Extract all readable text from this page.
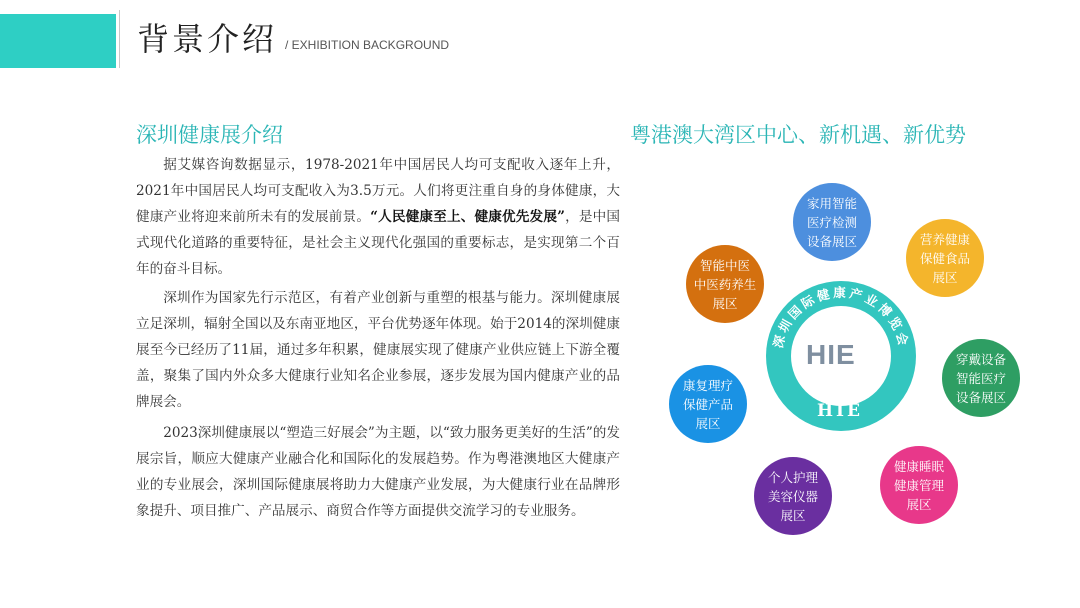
背景介绍 / EXHIBITION BACKGROUND
深圳健康展介绍
据艾媒咨询数据显示，1978-2021年中国居民人均可支配收入逐年上升，2021年中国居民人均可支配收入为3.5万元。人们将更注重自身的身体健康，大健康产业将迎来前所未有的发展前景。“人民健康至上、健康优先发展”，是中国式现代化道路的重要特征，是社会主义现代化强国的重要标志，是实现第二个百年的奋斗目标。
深圳作为国家先行示范区，有着产业创新与重塑的根基与能力。深圳健康展立足深圳，辐射全国以及东南亚地区，平台优势逐年体现。始于2014的深圳健康展至今已经历了11届，通过多年积累，健康展实现了健康产业供应链上下游全覆盖，聚集了国内外众多大健康行业知名企业参展，逐步发展为国内健康产业的品牌展会。
2023深圳健康展以“塑造三好展会”为主题，以“致力服务更美好的生活”的发展宗旨，顺应大健康产业融合化和国际化的发展趋势。作为粤港澳地区大健康产业的专业展会，深圳国际健康展将助力大健康产业发展，为大健康行业在品牌形象提升、项目推广、产品展示、商贸合作等方面提供交流学习的专业服务。
粤港澳大湾区中心、新机遇、新优势
深圳国际健康产业博览会
HIE
HIE
家用智能
医疗检测
设备展区	营养健康
保健食品
展区
穿戴设备
智能医疗
设备展区
健康睡眠
健康管理
展区
个人护理
美容仪器
展区
康复理疗
保健产品
展区
智能中医
中医药养生
展区
